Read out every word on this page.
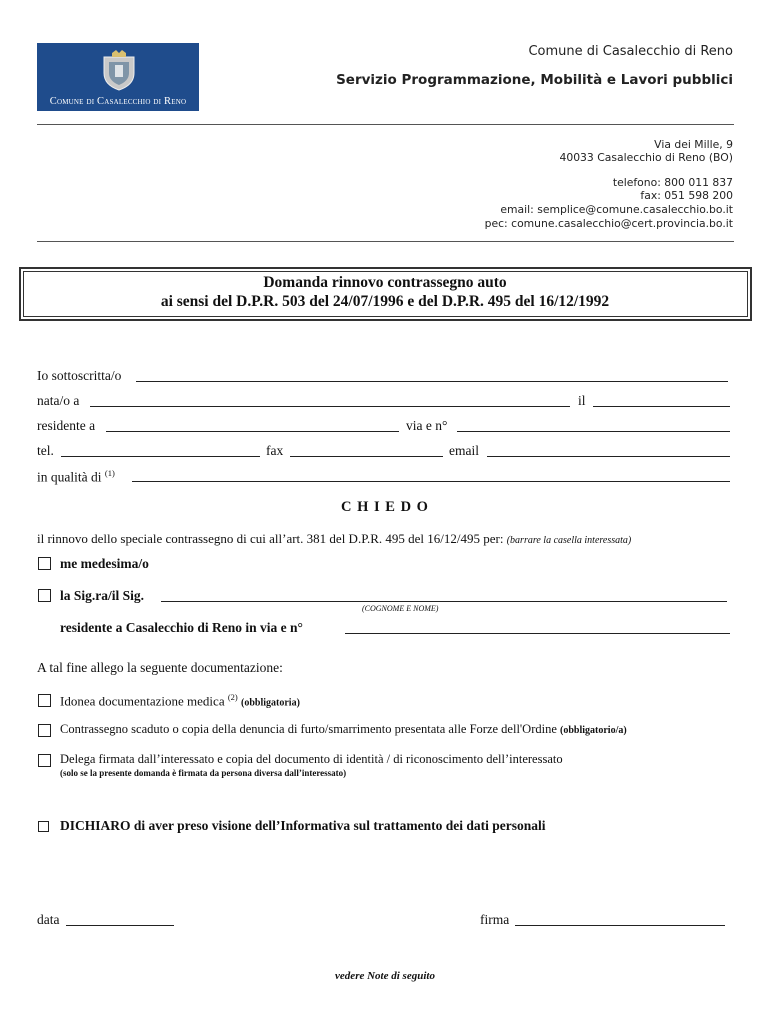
Comune di Casalecchio di Reno
Comune di Casalecchio di Reno
Servizio Programmazione, Mobilità e Lavori pubblici
Via dei Mille, 9
40033 Casalecchio di Reno (BO)
telefono: 800 011 837
fax: 051 598 200
email: semplice@comune.casalecchio.bo.it
pec: comune.casalecchio@cert.provincia.bo.it
Domanda rinnovo contrassegno auto
ai sensi del D.P.R. 503 del 24/07/1996 e del D.P.R. 495 del 16/12/1992
Io sottoscritta/o
nata/o a	il
residente a	via e n°
tel.	fax	email
in qualità di $^{(1)}$
C H I E D O
il rinnovo dello speciale contrassegno di cui all’art. 381 del D.P.R. 495 del 16/12/495 per: (barrare la casella interessata)
me medesima/o
la Sig.ra/il Sig.
(COGNOME E NOME)
residente a Casalecchio di Reno in via e n°
A tal fine allego la seguente documentazione:
Idonea documentazione medica $^{(2)}$ (obbligatoria)
Contrassegno scaduto o copia della denuncia di furto/smarrimento presentata alle Forze dell'Ordine (obbligatorio/a)
Delega firmata dall’interessato e copia del documento di identità / di riconoscimento dell’interessato
(solo se la presente domanda è firmata da persona diversa dall’interessato)
DICHIARO di aver preso visione dell’Informativa sul trattamento dei dati personali
data	firma
vedere Note di seguito
